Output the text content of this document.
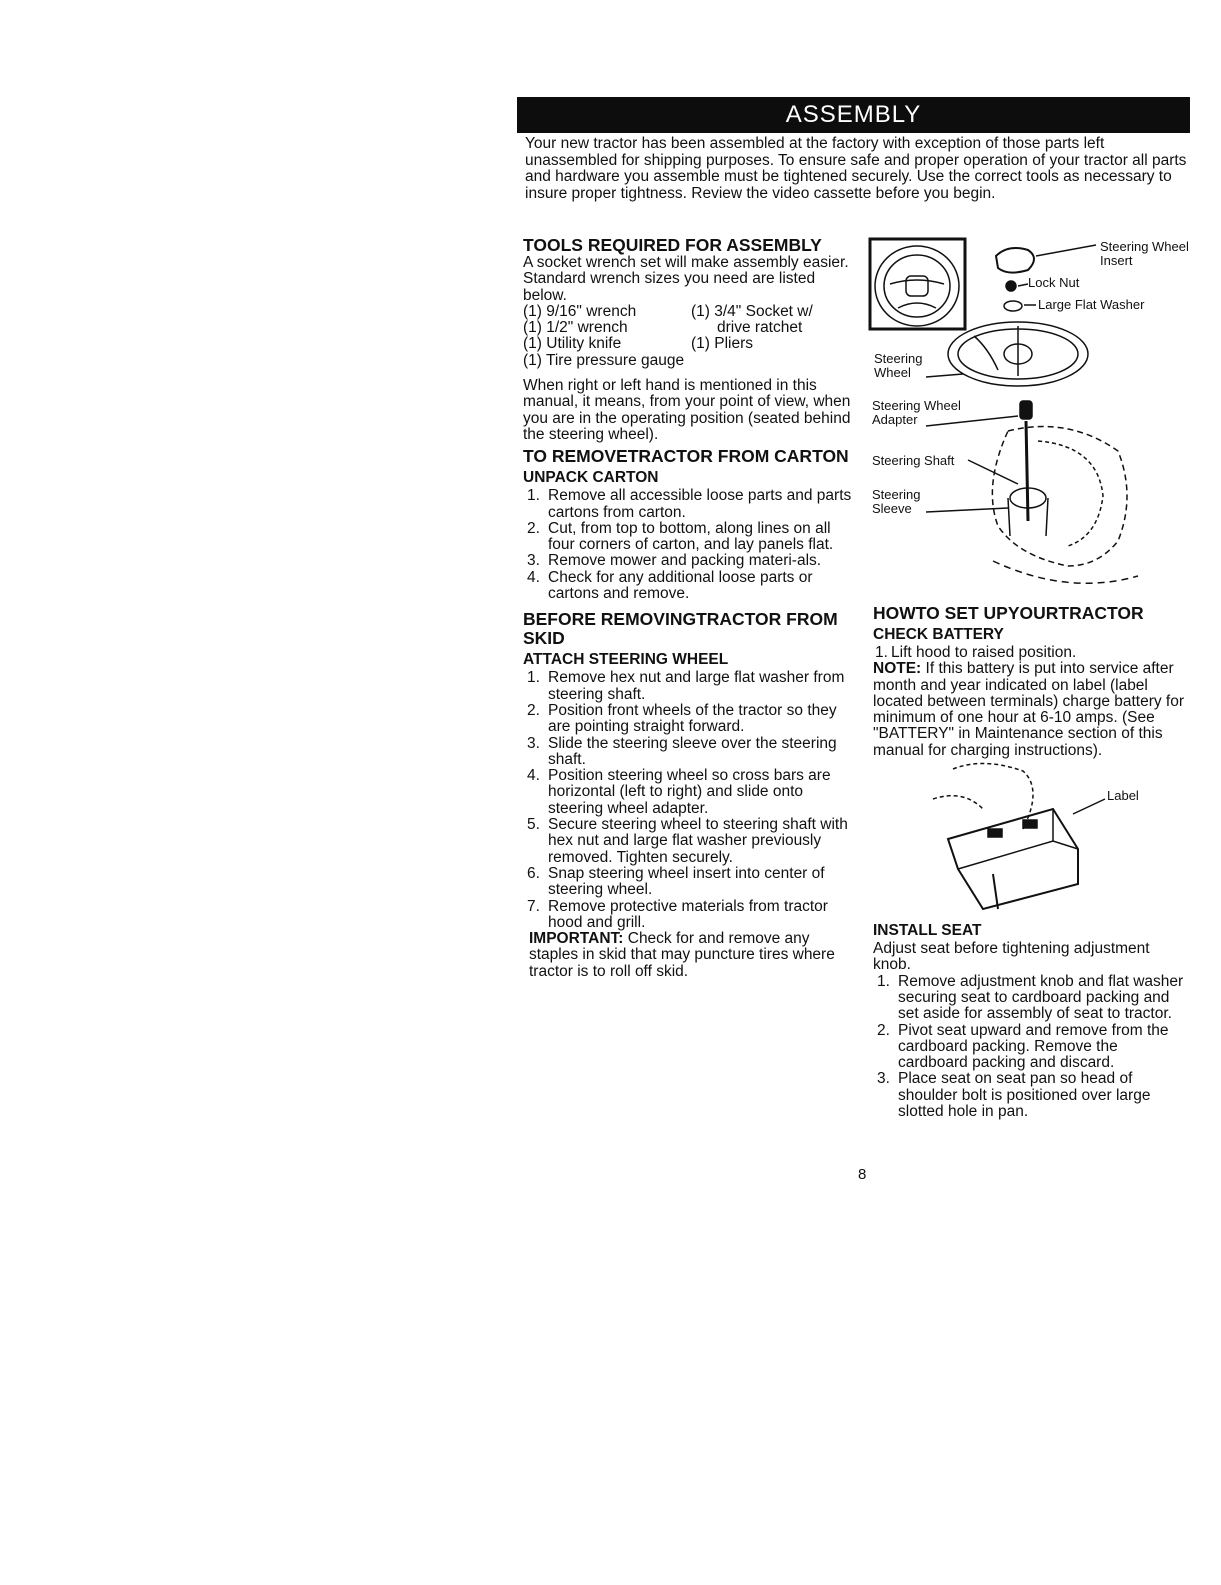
ASSEMBLY

Your new tractor has been assembled at the factory with exception of those parts left unassembled for shipping purposes. To ensure safe and proper operation of your tractor all parts and hardware you assemble must be tightened securely. Use the correct tools as necessary to insure proper tightness. Review the video cassette before you begin.

TOOLS REQUIRED FOR ASSEMBLY

A socket wrench set will make assembly easier. Standard wrench sizes you need are listed below.

(1) 9/16" wrench	(1) 3/4" Socket w/
(1) 1/2" wrench	drive ratchet
(1) Utility knife	(1) Pliers
(1) Tire pressure gauge

When right or left hand is mentioned in this manual, it means, from your point of view, when you are in the operating position (seated behind the steering wheel).

TO REMOVETRACTOR FROM CARTON
UNPACK CARTON
1. Remove all accessible loose parts and parts cartons from carton.
2. Cut, from top to bottom, along lines on all four corners of carton, and lay panels flat.
3. Remove mower and packing materi-als.
4. Check for any additional loose parts or cartons and remove.
BEFORE REMOVINGTRACTOR FROM SKID
ATTACH STEERING WHEEL
1. Remove hex nut and large flat washer from steering shaft.
2. Position front wheels of the tractor so they are pointing straight forward.
3. Slide the steering sleeve over the steering shaft.
4. Position steering wheel so cross bars are horizontal (left to right) and slide onto steering wheel adapter.
5. Secure steering wheel to steering shaft with hex nut and large flat washer previously removed. Tighten securely.
6. Snap steering wheel insert into center of steering wheel.
7. Remove protective materials from tractor hood and grill.

IMPORTANT: Check for and remove any staples in skid that may puncture tires where tractor is to roll off skid.

Steering Wheel Insert
Lock Nut
Large Flat Washer
Steering Wheel
Steering Wheel Adapter
Steering Shaft
Steering Sleeve
HOWTO SET UPYOURTRACTOR
CHECK BATTERY
1. Lift hood to raised position.

NOTE: If this battery is put into service after month and year indicated on label (label located between terminals) charge battery for minimum of one hour at 6-10 amps. (See "BATTERY" in Maintenance section of this manual for charging instructions).

Label
INSTALL SEAT

Adjust seat before tightening adjustment knob.

1. Remove adjustment knob and flat washer securing seat to cardboard packing and set aside for assembly of seat to tractor.
2. Pivot seat upward and remove from the cardboard packing. Remove the cardboard packing and discard.
3. Place seat on seat pan so head of shoulder bolt is positioned over large slotted hole in pan.
8
